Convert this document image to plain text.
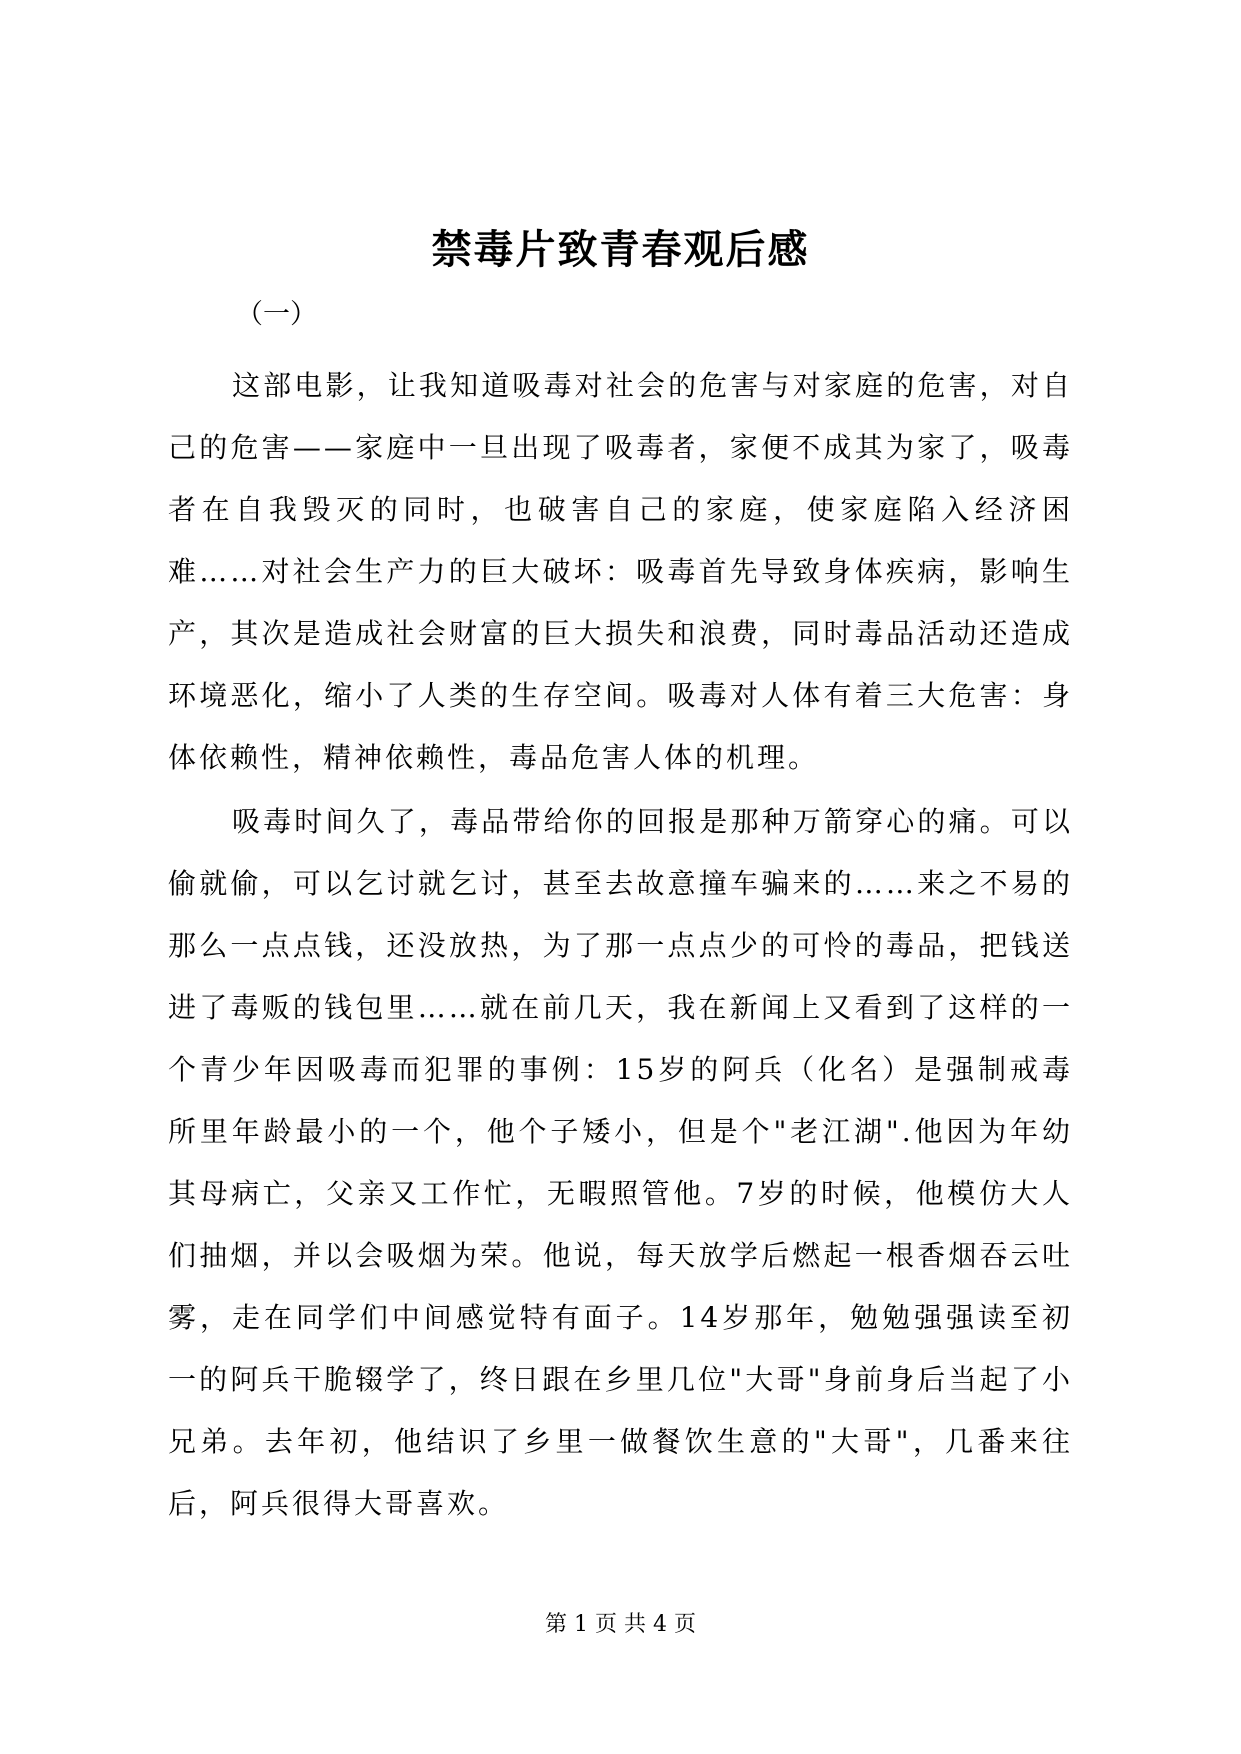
禁毒片致青春观后感

（一）

这部电影，让我知道吸毒对社会的危害与对家庭的危害，对自己的危害——家庭中一旦出现了吸毒者，家便不成其为家了，吸毒者在自我毁灭的同时，也破害自己的家庭，使家庭陷入经济困难……对社会生产力的巨大破坏：吸毒首先导致身体疾病，影响生产，其次是造成社会财富的巨大损失和浪费，同时毒品活动还造成环境恶化，缩小了人类的生存空间。吸毒对人体有着三大危害：身体依赖性，精神依赖性，毒品危害人体的机理。

吸毒时间久了，毒品带给你的回报是那种万箭穿心的痛。可以偷就偷，可以乞讨就乞讨，甚至去故意撞车骗来的……来之不易的那么一点点钱，还没放热，为了那一点点少的可怜的毒品，把钱送进了毒贩的钱包里……就在前几天，我在新闻上又看到了这样的一个青少年因吸毒而犯罪的事例：15岁的阿兵（化名）是强制戒毒所里年龄最小的一个，他个子矮小，但是个"老江湖".他因为年幼其母病亡，父亲又工作忙，无暇照管他。7岁的时候，他模仿大人们抽烟，并以会吸烟为荣。他说，每天放学后燃起一根香烟吞云吐雾，走在同学们中间感觉特有面子。14岁那年，勉勉强强读至初一的阿兵干脆辍学了，终日跟在乡里几位"大哥"身前身后当起了小兄弟。去年初，他结识了乡里一做餐饮生意的"大哥"，几番来往后，阿兵很得大哥喜欢。

第 1 页 共 4 页
